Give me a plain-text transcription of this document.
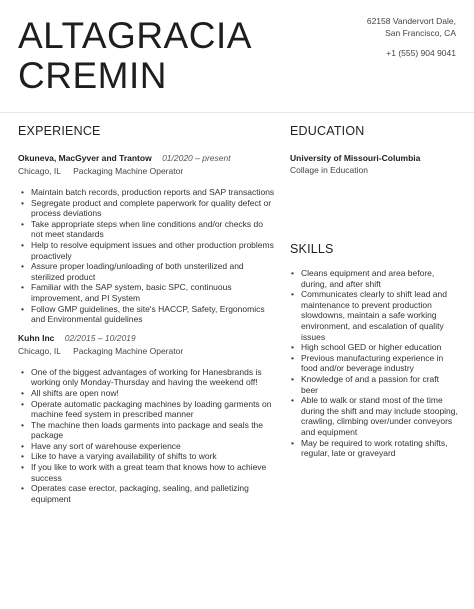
ALTAGRACIA
CREMIN
62158 Vandervort Dale,
San Francisco, CA
+1 (555) 904 9041
EXPERIENCE
Okuneva, MacGyver and Trantow 01/2020 – present
Chicago, IL Packaging Machine Operator
• Maintain batch records, production reports and SAP transactions
• Segregate product and complete paperwork for quality defect or process deviations
• Take appropriate steps when line conditions and/or checks do not meet standards
• Help to resolve equipment issues and other production problems proactively
• Assure proper loading/unloading of both unsterilized and sterilized product
• Familiar with the SAP system, basic SPC, continuous improvement, and PI System
• Follow GMP guidelines, the site's HACCP, Safety, Ergonomics and Environmental guidelines
Kuhn Inc 02/2015 – 10/2019
Chicago, IL Packaging Machine Operator
• One of the biggest advantages of working for Hanesbrands is working only Monday-Thursday and having the weekend off!
• All shifts are open now!
• Operate automatic packaging machines by loading garments on machine feed system in prescribed manner
• The machine then loads garments into package and seals the package
• Have any sort of warehouse experience
• Like to have a varying availability of shifts to work
• If you like to work with a great team that knows how to achieve success
• Operates case erector, packaging, sealing, and palletizing equipment
EDUCATION
University of Missouri-Columbia
Collage in Education
SKILLS
• Cleans equipment and area before, during, and after shift
• Communicates clearly to shift lead and maintenance to prevent production slowdowns, maintain a safe working environment, and escalation of quality issues
• High school GED or higher education
• Previous manufacturing experience in food and/or beverage industry
• Knowledge of and a passion for craft beer
• Able to walk or stand most of the time during the shift and may include stooping, crawling, climbing over/under conveyors and equipment
• May be required to work rotating shifts, regular, late or graveyard
